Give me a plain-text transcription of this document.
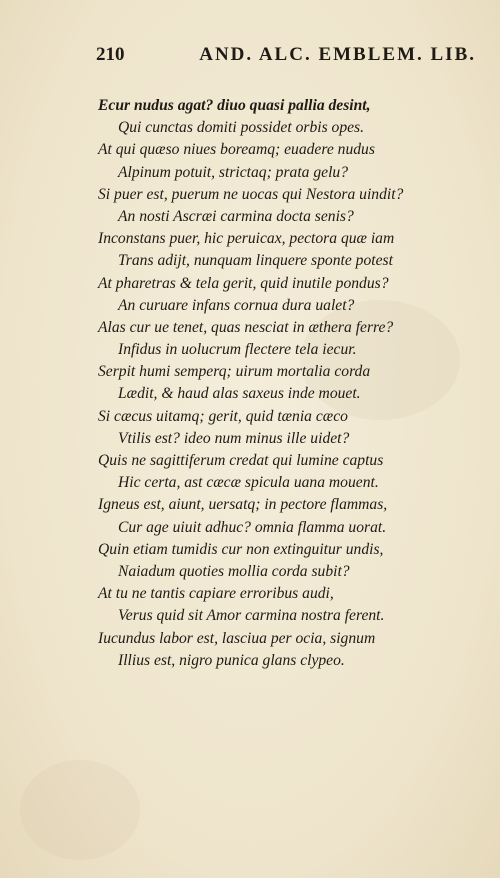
210	AND. ALC. EMBLEM. LIB.
Ecur nudus agat? diuo quasi pallia desint,
Qui cunctas domiti possidet orbis opes.
At qui quæso niues boreamq; euadere nudus
Alpinum potuit, strictaq; prata gelu?
Si puer est, puerum ne uocas qui Nestora uindit?
An nosti Ascræi carmina docta senis?
Inconstans puer, hic peruicax, pectora quæ iam
Trans adijt, nunquam linquere sponte potest
At pharetras & tela gerit, quid inutile pondus?
An curuare infans cornua dura ualet?
Alas cur ue tenet, quas nesciat in æthera ferre?
Infidus in uolucrum flectere tela iecur.
Serpit humi semperq; uirum mortalia corda
Lædit, & haud alas saxeus inde mouet.
Si cæcus uitamq; gerit, quid tænia cæco
Vtilis est? ideo num minus ille uidet?
Quis ne sagittiferum credat qui lumine captus
Hic certa, ast cæcæ spicula uana mouent.
Igneus est, aiunt, uersatq; in pectore flammas,
Cur age uiuit adhuc? omnia flamma uorat.
Quin etiam tumidis cur non extinguitur undis,
Naiadum quoties mollia corda subit?
At tu ne tantis capiare erroribus audi,
Verus quid sit Amor carmina nostra ferent.
Iucundus labor est, lasciua per ocia, signum
Illius est, nigro punica glans clypeo.
